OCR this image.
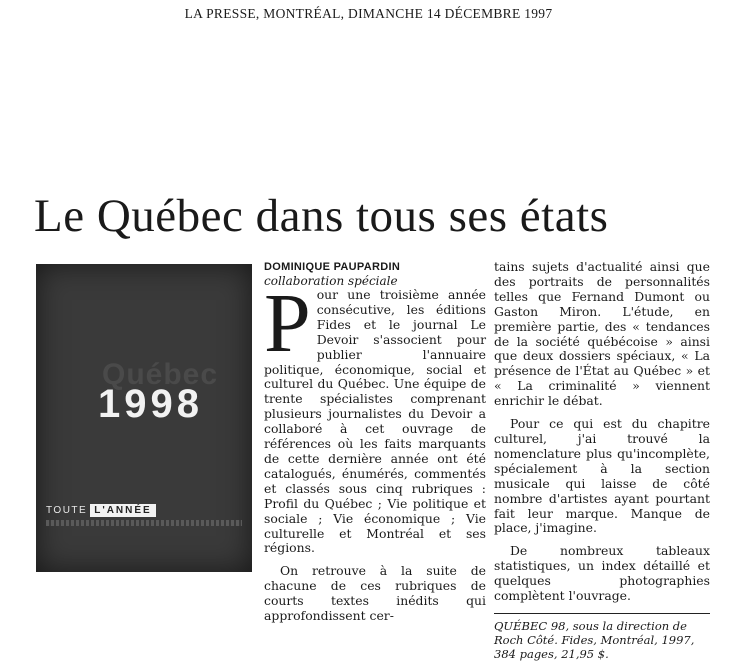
LA PRESSE, MONTRÉAL, DIMANCHE 14 DÉCEMBRE 1997
Le Québec dans tous ses états
Québec
1998
TOUTE L'ANNÉE

DOMINIQUE PAUPARDIN

collaboration spéciale

P our une troisième année consécutive, les éditions Fides et le journal Le Devoir s'associent pour publier l'annuaire politique, économique, social et culturel du Québec. Une équipe de trente spécialistes comprenant plusieurs journalistes du Devoir a collaboré à cet ouvrage de références où les faits marquants de cette dernière année ont été catalogués, énumérés, commentés et classés sous cinq rubriques : Profil du Québec ; Vie politique et sociale ; Vie économique ; Vie culturelle et Montréal et ses régions.

On retrouve à la suite de chacune de ces rubriques de courts textes inédits qui approfondissent cer-

tains sujets d'actualité ainsi que des portraits de personnalités telles que Fernand Dumont ou Gaston Miron. L'étude, en première partie, des « tendances de la société québécoise » ainsi que deux dossiers spéciaux, « La présence de l'État au Québec » et « La criminalité » viennent enrichir le débat.

Pour ce qui est du chapitre culturel, j'ai trouvé la nomenclature plus qu'incomplète, spécialement à la section musicale qui laisse de côté nombre d'artistes ayant pourtant fait leur marque. Manque de place, j'imagine.

De nombreux tableaux statistiques, un index détaillé et quelques photographies complètent l'ouvrage.

QUÉBEC 98, sous la direction de Roch Côté. Fides, Montréal, 1997, 384 pages, 21,95 $.
